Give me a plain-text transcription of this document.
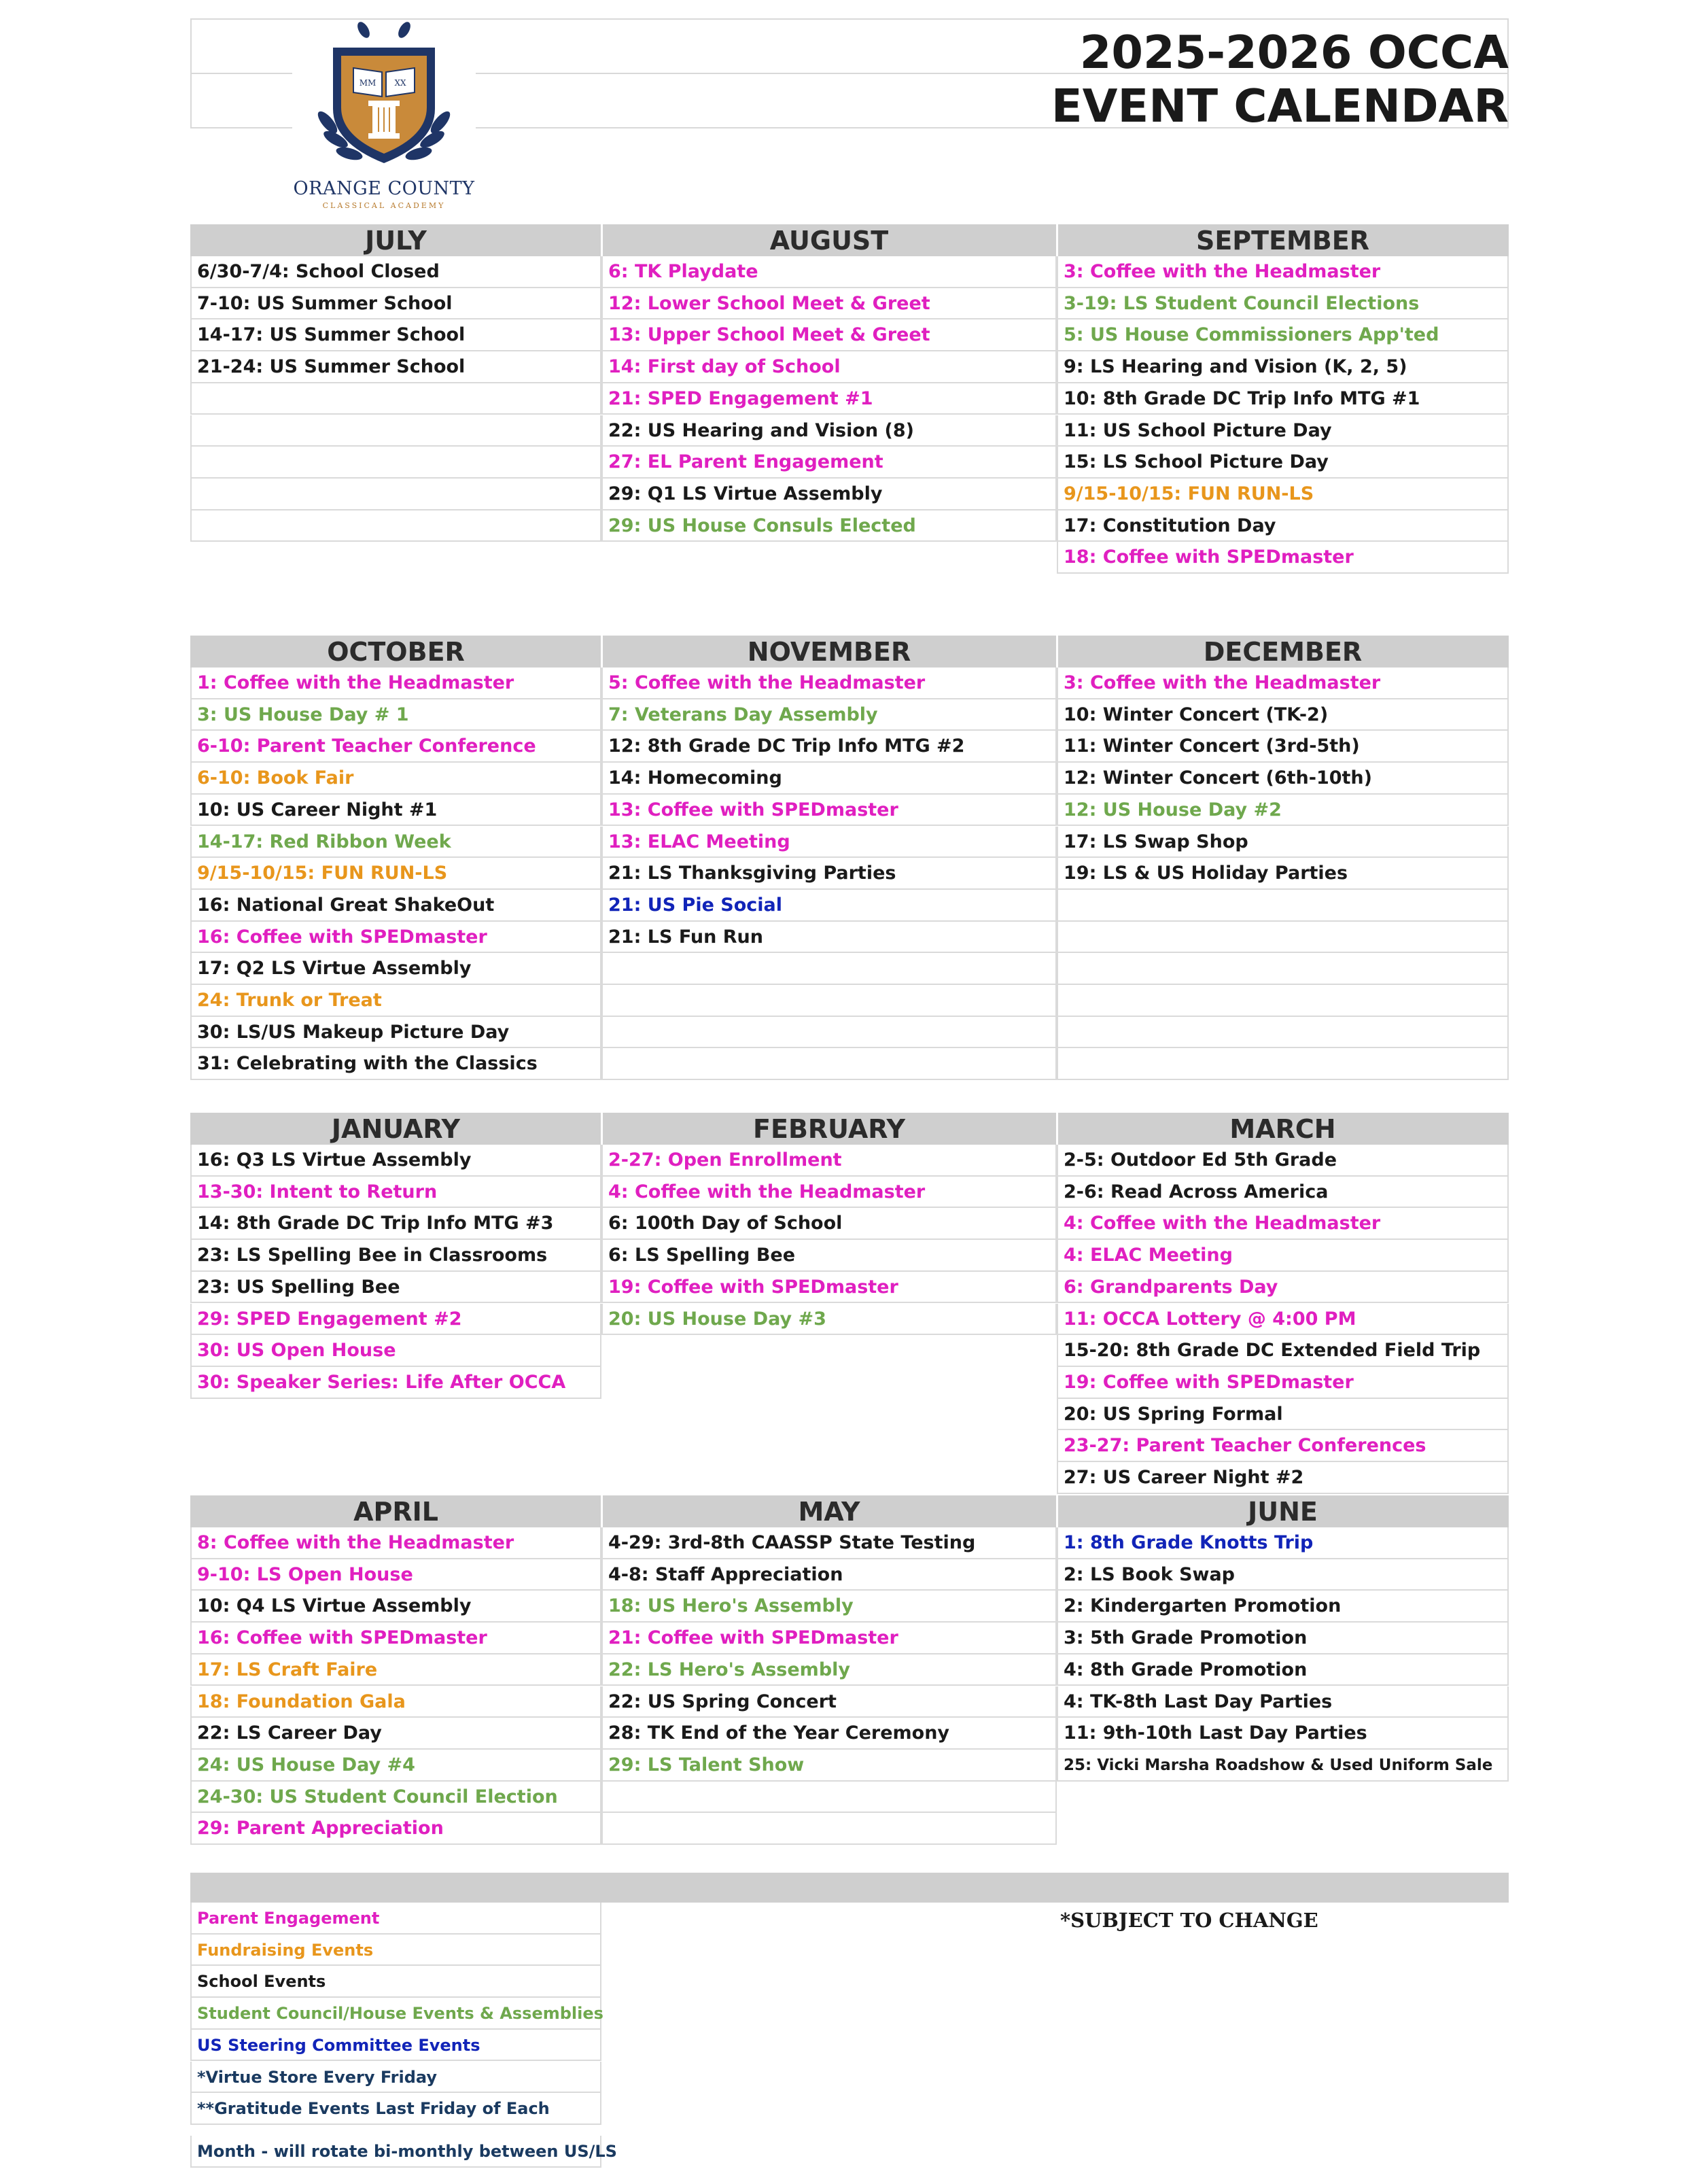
MM XX
ORANGE COUNTY
CLASSICAL ACADEMY
2025-2026 OCCA
EVENT CALENDAR
JULY
6/30-7/4: School Closed
7-10: US Summer School
14-17: US Summer School
21-24: US Summer School
AUGUST
6: TK Playdate
12: Lower School Meet & Greet
13: Upper School Meet & Greet
14: First day of School
21: SPED Engagement #1
22: US Hearing and Vision (8)
27: EL Parent Engagement
29: Q1 LS Virtue Assembly
29: US House Consuls Elected
SEPTEMBER
3: Coffee with the Headmaster
3-19: LS Student Council Elections
5: US House Commissioners App'ted
9: LS Hearing and Vision (K, 2, 5)
10: 8th Grade DC Trip Info MTG #1
11: US School Picture Day
15: LS School Picture Day
9/15-10/15: FUN RUN-LS
17: Constitution Day
18: Coffee with SPEDmaster
OCTOBER
1: Coffee with the Headmaster
3: US House Day # 1
6-10: Parent Teacher Conference
6-10: Book Fair
10: US Career Night #1
14-17: Red Ribbon Week
9/15-10/15: FUN RUN-LS
16: National Great ShakeOut
16: Coffee with SPEDmaster
17: Q2 LS Virtue Assembly
24: Trunk or Treat
30: LS/US Makeup Picture Day
31: Celebrating with the Classics
NOVEMBER
5: Coffee with the Headmaster
7: Veterans Day Assembly
12: 8th Grade DC Trip Info MTG #2
14: Homecoming
13: Coffee with SPEDmaster
13: ELAC Meeting
21: LS Thanksgiving Parties
21: US Pie Social
21: LS Fun Run
DECEMBER
3: Coffee with the Headmaster
10: Winter Concert (TK-2)
11: Winter Concert (3rd-5th)
12: Winter Concert (6th-10th)
12: US House Day #2
17: LS Swap Shop
19: LS & US Holiday Parties
JANUARY
16: Q3 LS Virtue Assembly
13-30: Intent to Return
14: 8th Grade DC Trip Info MTG #3
23: LS Spelling Bee in Classrooms
23: US Spelling Bee
29: SPED Engagement #2
30: US Open House
30: Speaker Series: Life After OCCA
FEBRUARY
2-27: Open Enrollment
4: Coffee with the Headmaster
6: 100th Day of School
6: LS Spelling Bee
19: Coffee with SPEDmaster
20: US House Day #3
MARCH
2-5: Outdoor Ed 5th Grade
2-6: Read Across America
4: Coffee with the Headmaster
4: ELAC Meeting
6: Grandparents Day
11: OCCA Lottery @ 4:00 PM
15-20: 8th Grade DC Extended Field Trip
19: Coffee with SPEDmaster
20: US Spring Formal
23-27: Parent Teacher Conferences
27: US Career Night #2
APRIL
8: Coffee with the Headmaster
9-10: LS Open House
10: Q4 LS Virtue Assembly
16: Coffee with SPEDmaster
17: LS Craft Faire
18: Foundation Gala
22: LS Career Day
24: US House Day #4
24-30: US Student Council Election
29: Parent Appreciation
MAY
4-29: 3rd-8th CAASSP State Testing
4-8: Staff Appreciation
18: US Hero's Assembly
21: Coffee with SPEDmaster
22: LS Hero's Assembly
22: US Spring Concert
28: TK End of the Year Ceremony
29: LS Talent Show
JUNE
1: 8th Grade Knotts Trip
2: LS Book Swap
2: Kindergarten Promotion
3: 5th Grade Promotion
4: 8th Grade Promotion
4: TK-8th Last Day Parties
11: 9th-10th Last Day Parties
25: Vicki Marsha Roadshow & Used Uniform Sale
*SUBJECT TO CHANGE
Parent Engagement
Fundraising Events
School Events
Student Council/House Events & Assemblies
US Steering Committee Events
*Virtue Store Every Friday
**Gratitude Events Last Friday of Each
Month - will rotate bi-monthly between US/LS
